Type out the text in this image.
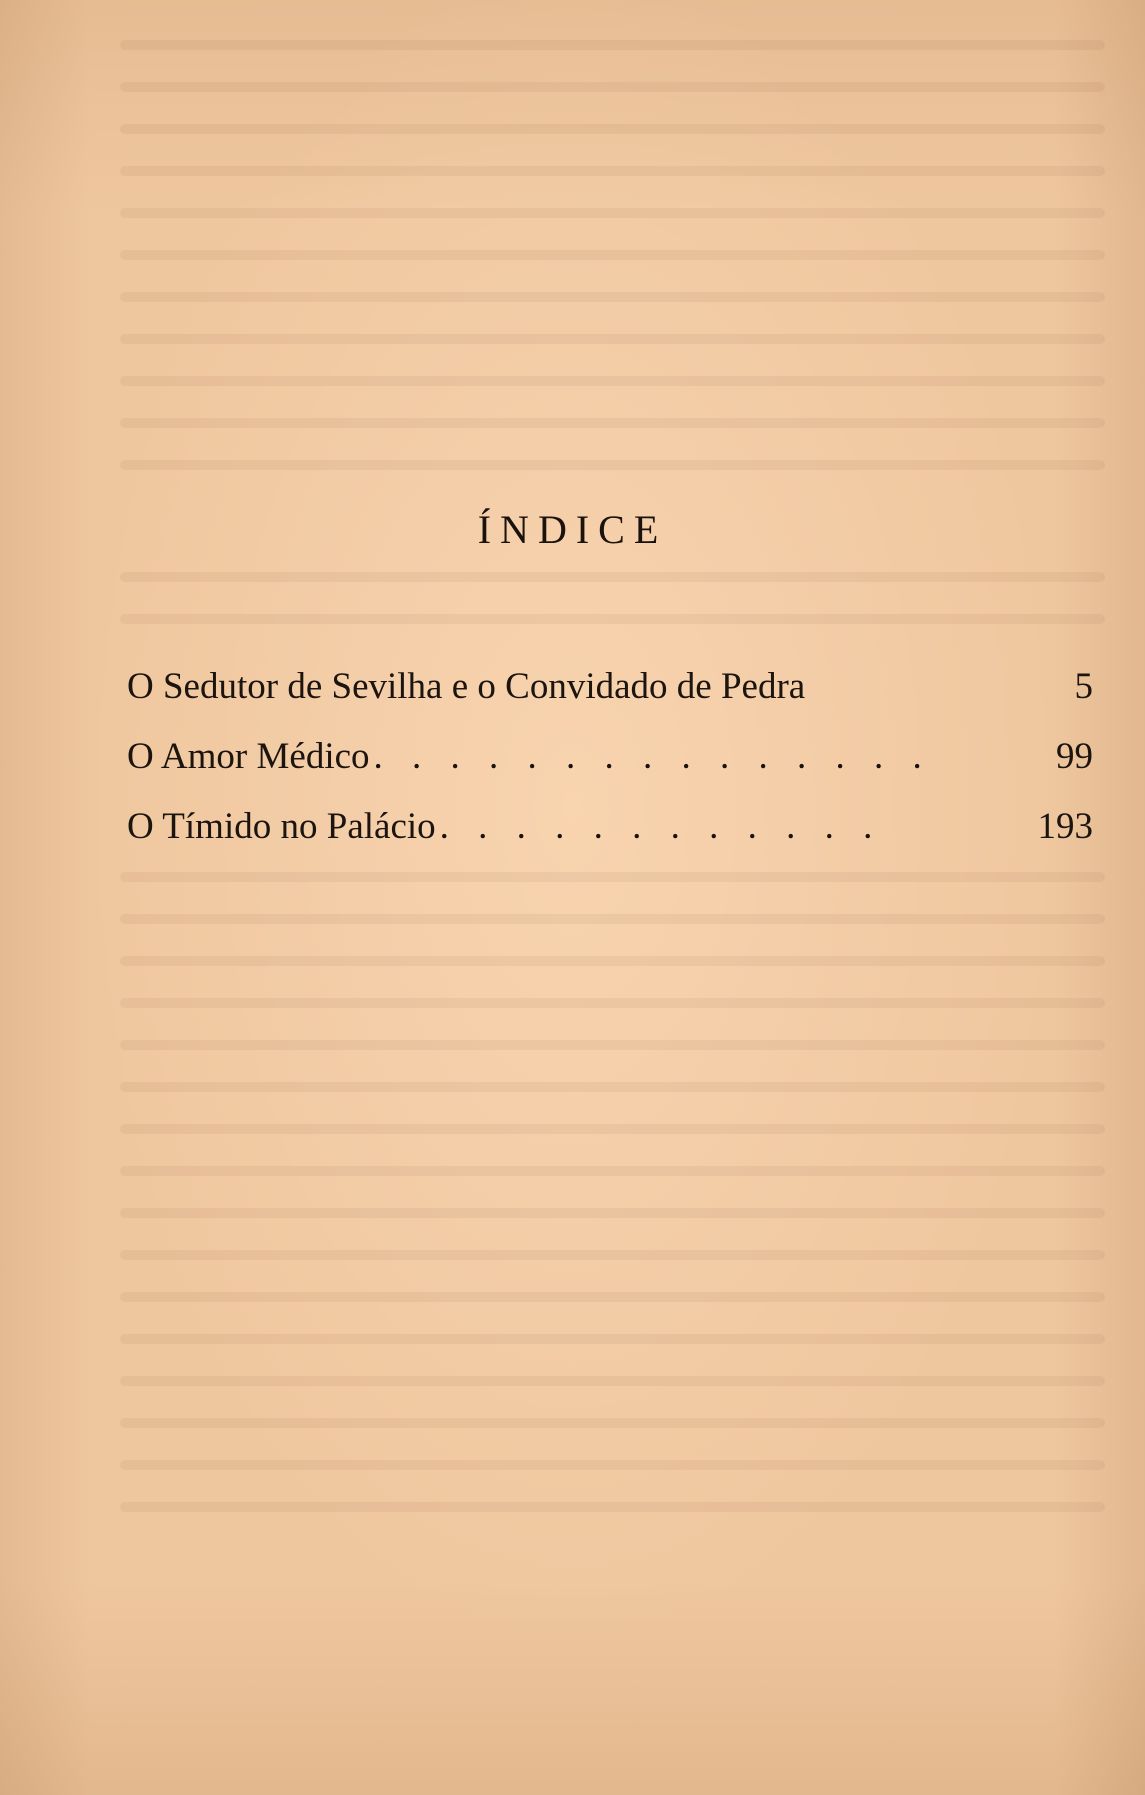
ÍNDICE
O Sedutor de Sevilha e o Convidado de Pedra	5
O Amor Médico . . . . . . . . . . . . . . .	99
O Tímido no Palácio . . . . . . . . . . . .	193
